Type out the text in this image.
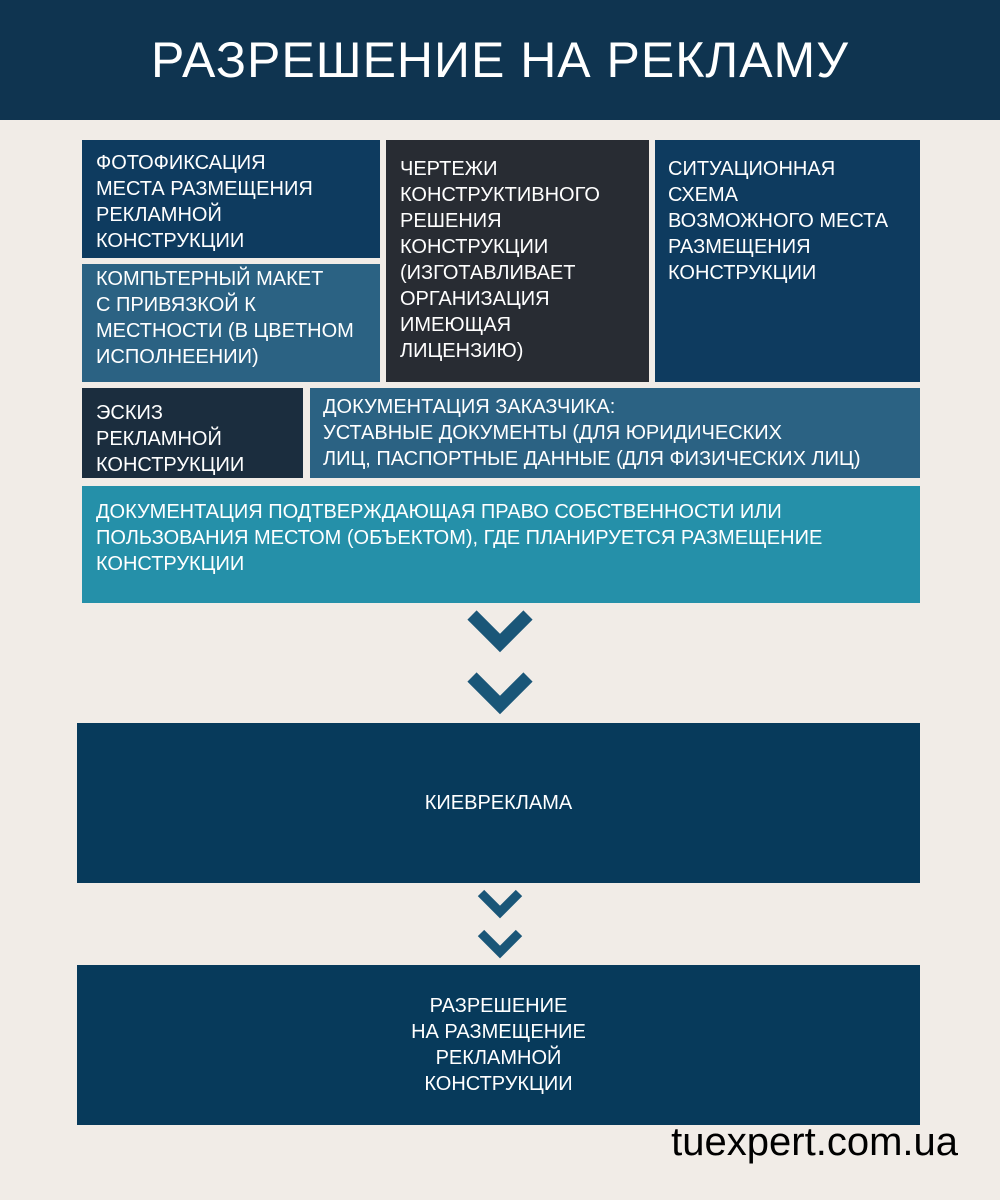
РАЗРЕШЕНИЕ НА РЕКЛАМУ
ФОТОФИКСАЦИЯ
МЕСТА РАЗМЕЩЕНИЯ
РЕКЛАМНОЙ
КОНСТРУКЦИИ
ЧЕРТЕЖИ
КОНСТРУКТИВНОГО
РЕШЕНИЯ
КОНСТРУКЦИИ
(ИЗГОТАВЛИВАЕТ
ОРГАНИЗАЦИЯ
ИМЕЮЩАЯ ЛИЦЕНЗИЮ)
СИТУАЦИОННАЯ СХЕМА
ВОЗМОЖНОГО МЕСТА
РАЗМЕЩЕНИЯ
КОНСТРУКЦИИ
КОМПЬТЕРНЫЙ МАКЕТ
С ПРИВЯЗКОЙ К
МЕСТНОСТИ (В ЦВЕТНОМ
ИСПОЛНЕЕНИИ)
ЭСКИЗ РЕКЛАМНОЙ
КОНСТРУКЦИИ
ДОКУМЕНТАЦИЯ ЗАКАЗЧИКА:
УСТАВНЫЕ ДОКУМЕНТЫ (ДЛЯ ЮРИДИЧЕСКИХ
ЛИЦ, ПАСПОРТНЫЕ ДАННЫЕ (ДЛЯ ФИЗИЧЕСКИХ ЛИЦ)
ДОКУМЕНТАЦИЯ ПОДТВЕРЖДАЮЩАЯ ПРАВО СОБСТВЕННОСТИ ИЛИ
ПОЛЬЗОВАНИЯ МЕСТОМ (ОБЪЕКТОМ), ГДЕ ПЛАНИРУЕТСЯ РАЗМЕЩЕНИЕ
КОНСТРУКЦИИ
КИЕВРЕКЛАМА
РАЗРЕШЕНИЕ
НА РАЗМЕЩЕНИЕ
РЕКЛАМНОЙ
КОНСТРУКЦИИ
tuexpert.com.ua
